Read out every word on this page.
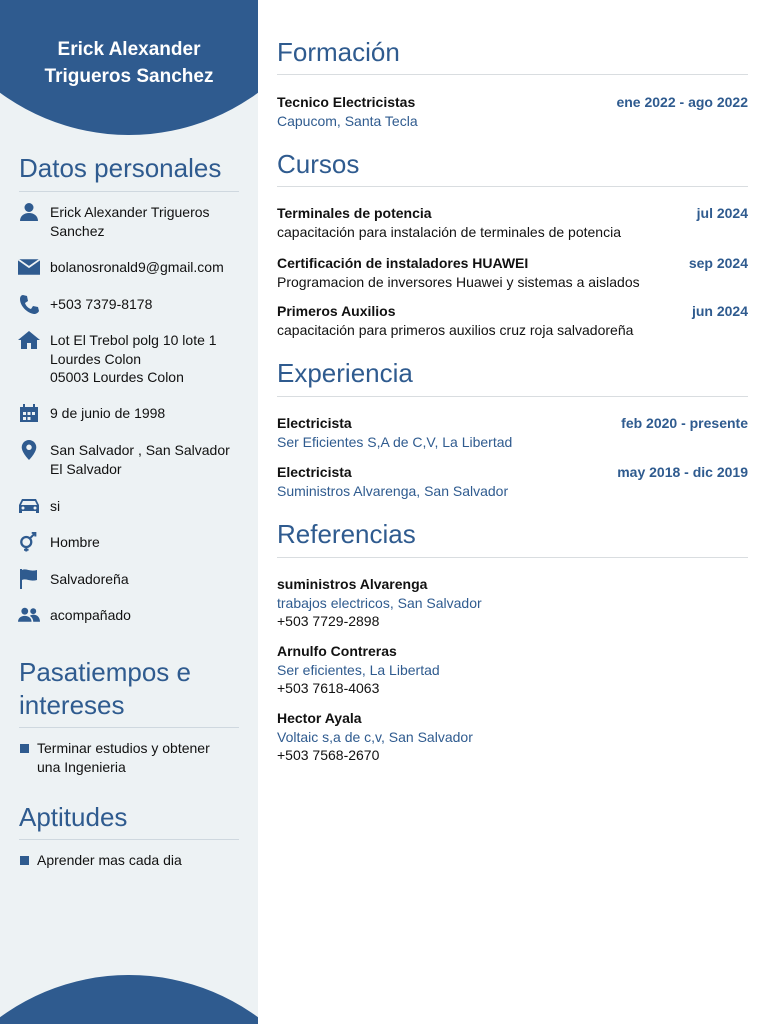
Erick Alexander
Trigueros Sanchez
Datos personales
Erick Alexander Trigueros
Sanchez
bolanosronald9@gmail.com
+503 7379-8178
Lot El Trebol polg 10 lote 1
Lourdes Colon
05003 Lourdes Colon
9 de junio de 1998
San Salvador , San Salvador
El Salvador
si
Hombre
Salvadoreña
acompañado
Pasatiempos e
intereses
Terminar estudios y obtener
una Ingenieria
Aptitudes
Aprender mas cada dia
Formación
Tecnico Electricistas	ene 2022 - ago 2022
Capucom, Santa Tecla
Cursos
Terminales de potencia	jul 2024
capacitación para instalación de terminales de potencia
Certificación de instaladores HUAWEI	sep 2024
Programacion de inversores Huawei y sistemas a aislados
Primeros Auxilios	jun 2024
capacitación para primeros auxilios cruz roja salvadoreña
Experiencia
Electricista	feb 2020 - presente
Ser Eficientes S,A de C,V, La Libertad
Electricista	may 2018 - dic 2019
Suministros Alvarenga, San Salvador
Referencias
suministros Alvarenga
trabajos electricos, San Salvador
+503 7729-2898
Arnulfo Contreras
Ser eficientes, La Libertad
+503 7618-4063
Hector Ayala
Voltaic s,a de c,v, San Salvador
+503 7568-2670
